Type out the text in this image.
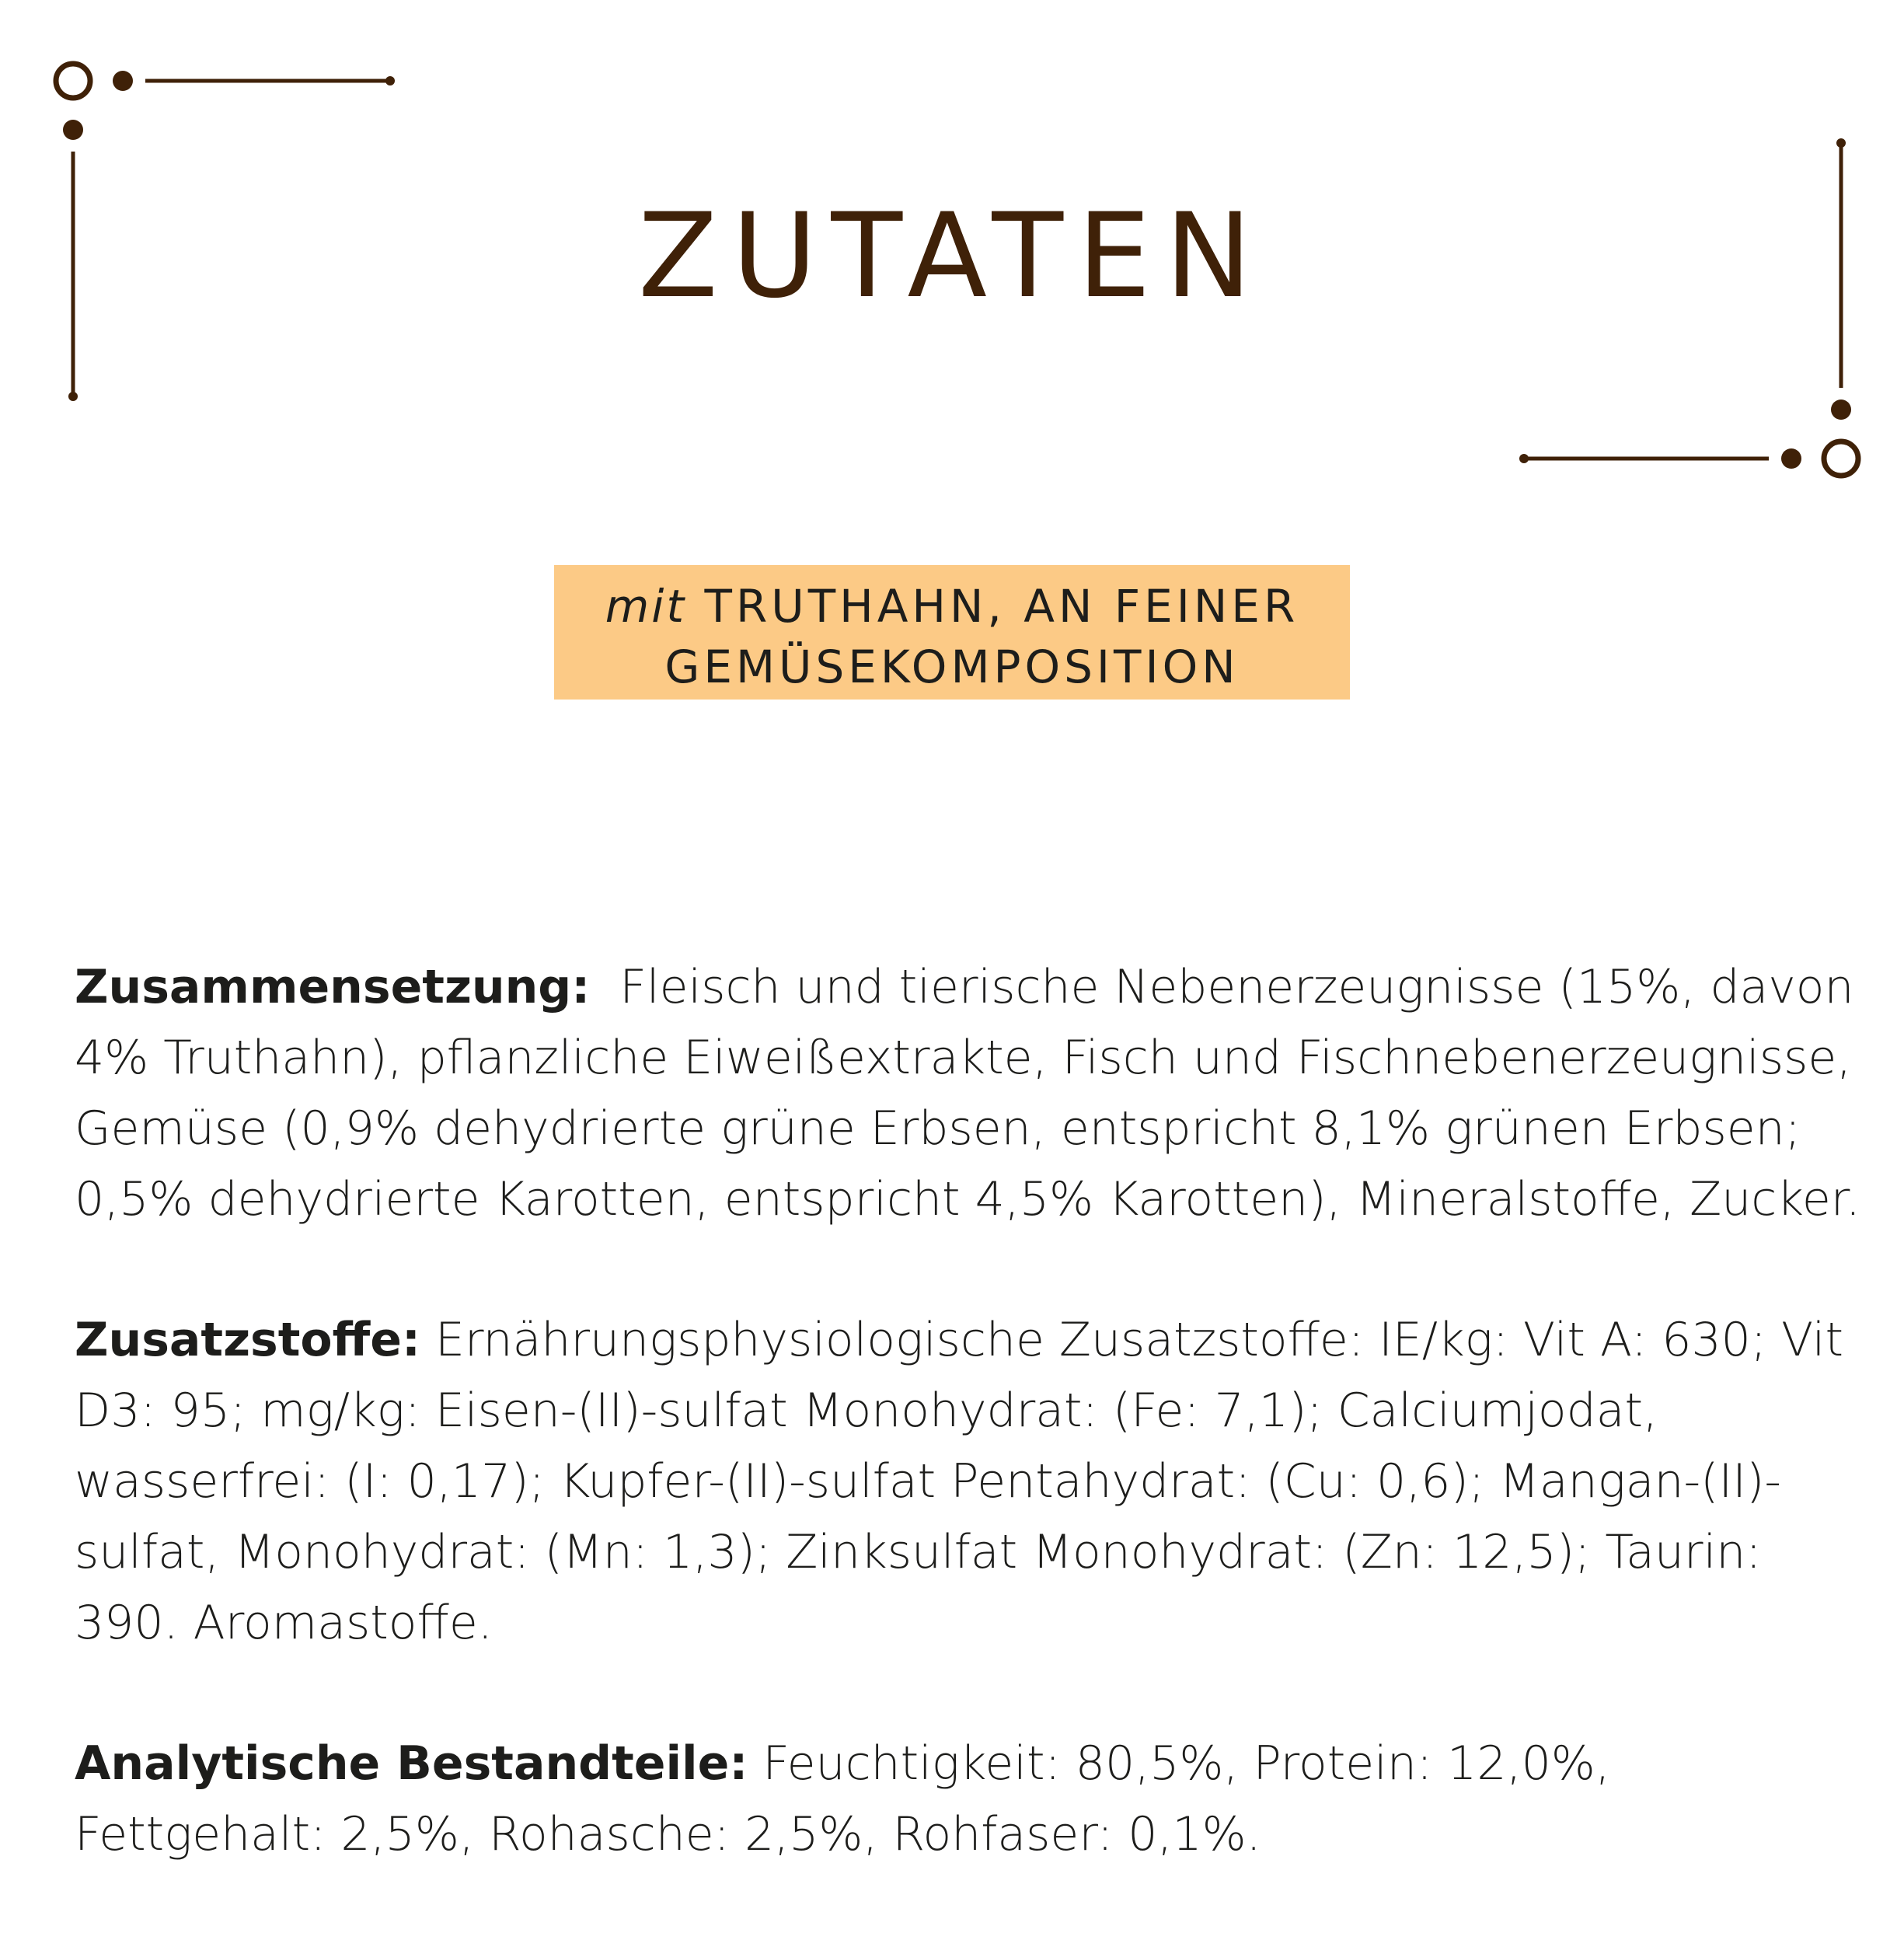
ZUTATEN
mit TRUTHAHN, AN FEINER
GEMÜSEKOMPOSITION

Zusammensetzung: Fleisch und tierische Nebenerzeugnisse (15%, davon 4% Truthahn), pflanzliche Eiweißextrakte, Fisch und Fischnebenerzeugnisse, Gemüse (0,9% dehydrierte grüne Erbsen, entspricht 8,1% grünen Erbsen; 0,5% dehydrierte Karotten, entspricht 4,5% Karotten), Mineralstoffe, Zucker.

Zusatzstoffe: Ernährungsphysiologische Zusatzstoffe: IE/kg: Vit A: 630; Vit D3: 95; mg/kg: Eisen-(II)-sulfat Monohydrat: (Fe: 7,1); Calciumjodat, wasserfrei: (I: 0,17); Kupfer-(II)-sulfat Pentahydrat: (Cu: 0,6); Mangan-(II)-sulfat, Monohydrat: (Mn: 1,3); Zinksulfat Monohydrat: (Zn: 12,5); Taurin: 390. Aromastoffe.

Analytische Bestandteile: Feuchtigkeit: 80,5%, Protein: 12,0%, Fettgehalt: 2,5%, Rohasche: 2,5%, Rohfaser: 0,1%.
